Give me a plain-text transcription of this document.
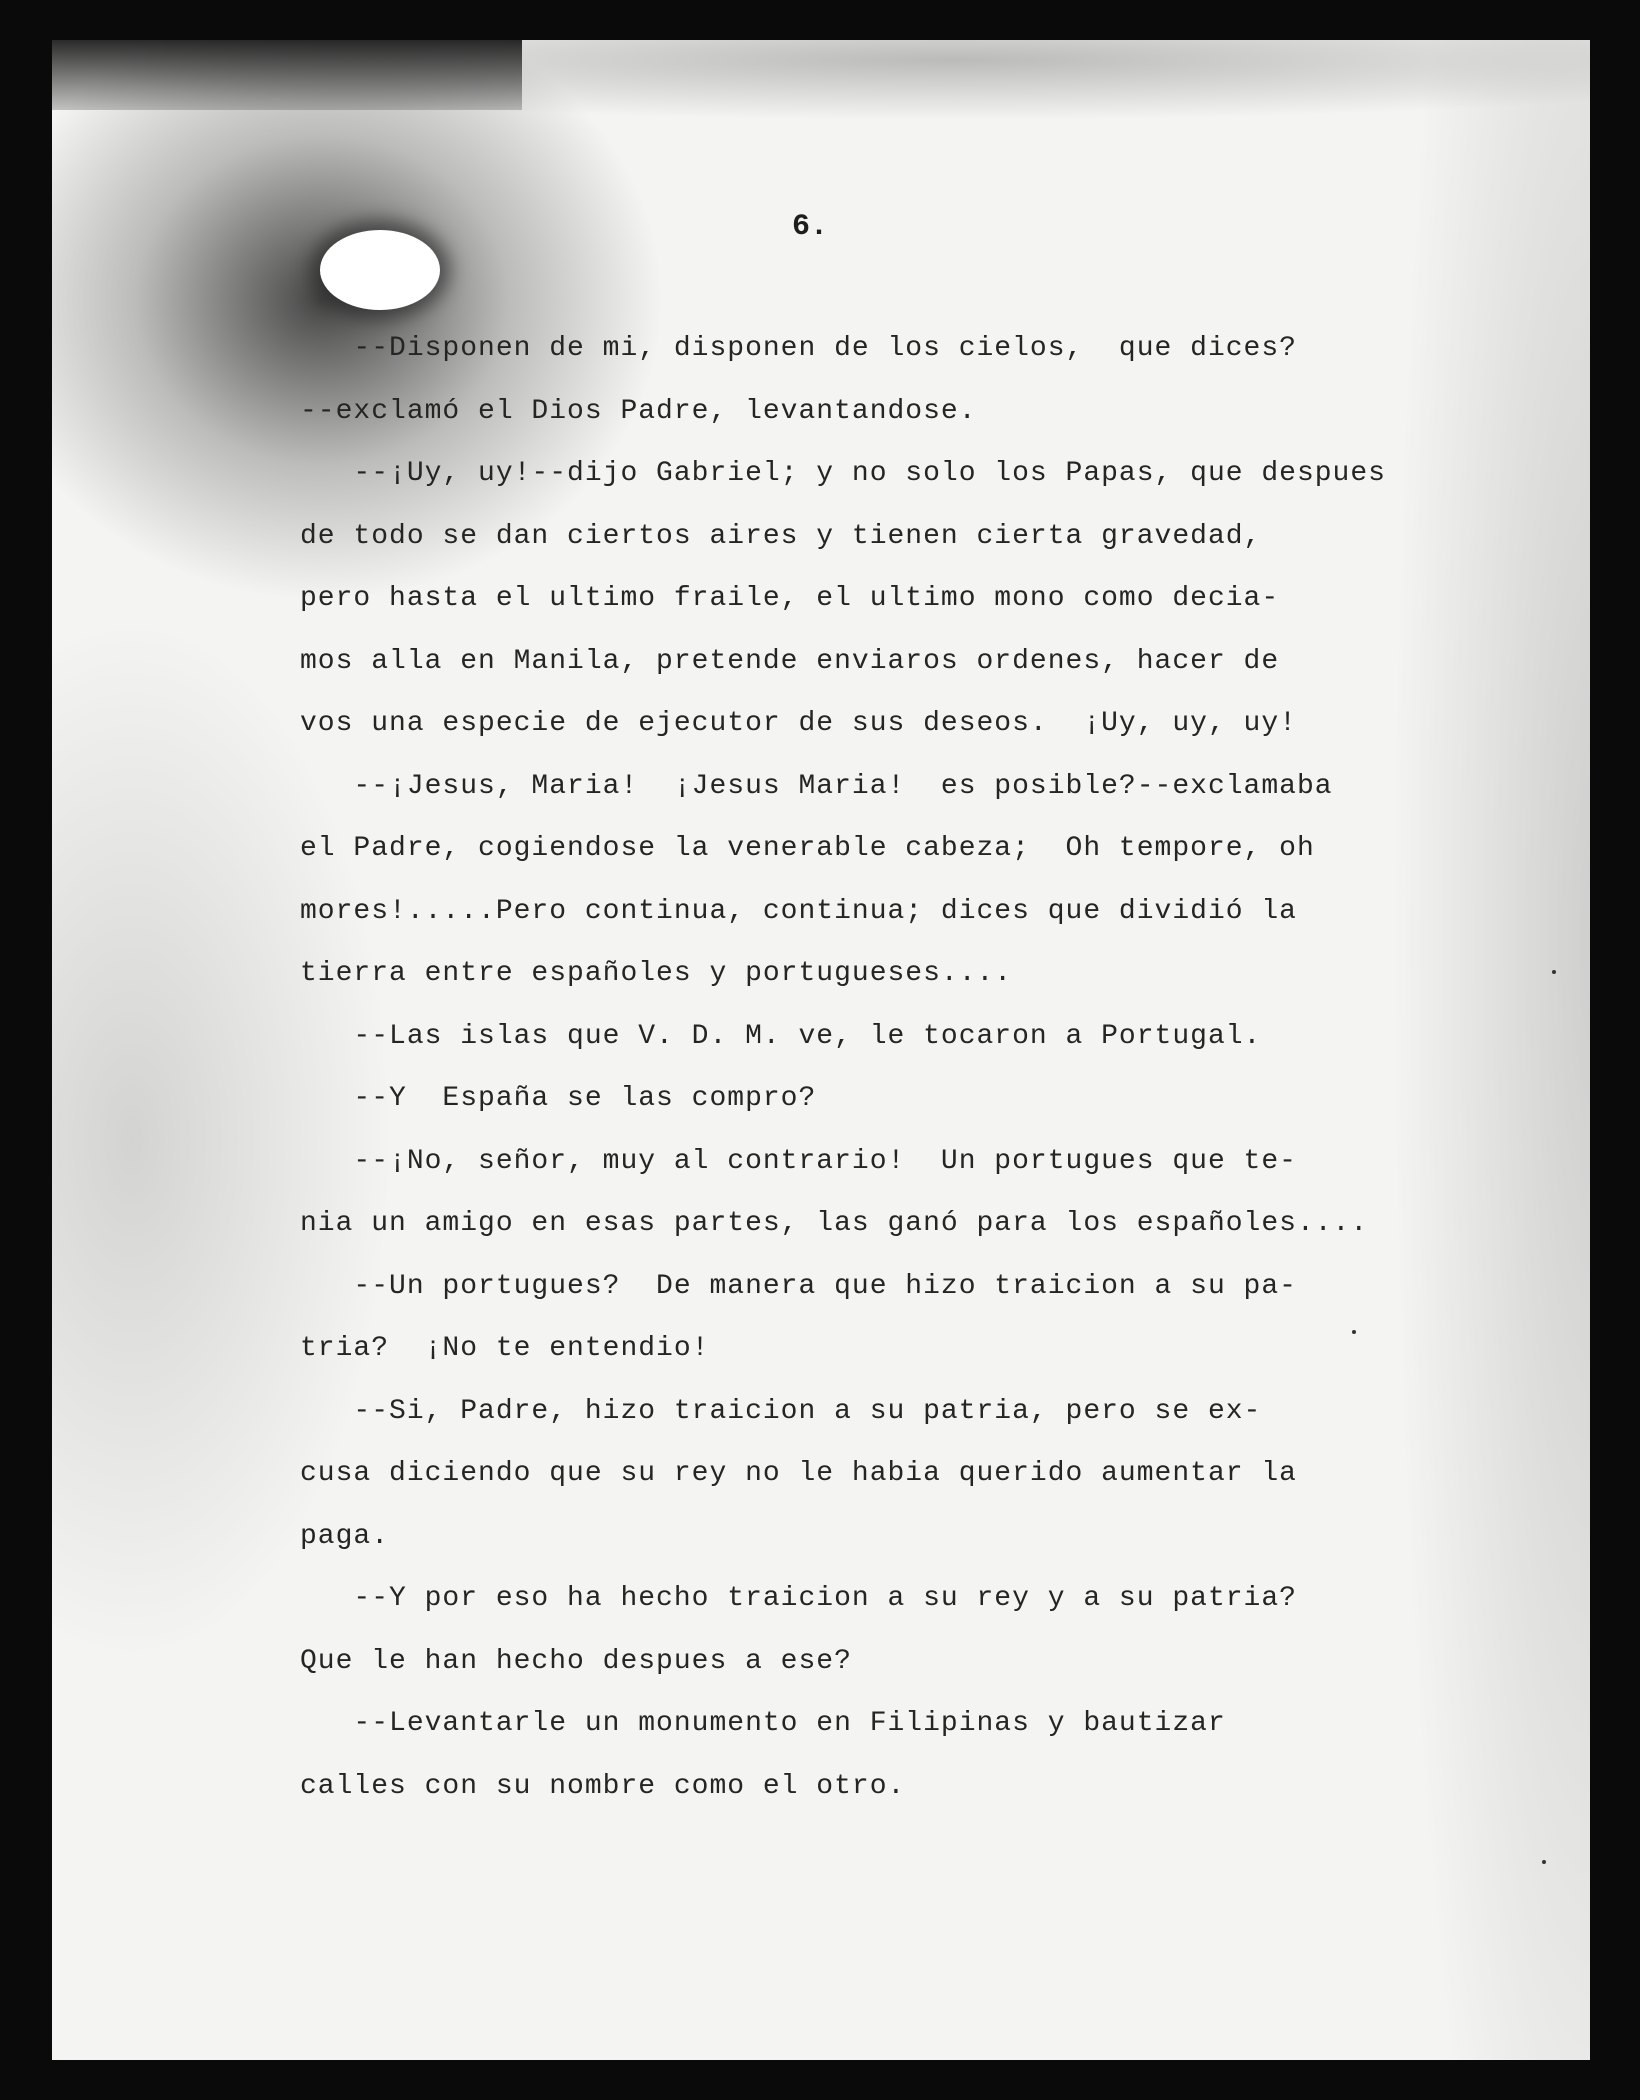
6.
--Disponen de mi, disponen de los cielos,  que dices?
--exclamó el Dios Padre, levantandose.
--¡Uy, uy!--dijo Gabriel; y no solo los Papas, que despues
de todo se dan ciertos aires y tienen cierta gravedad,
pero hasta el ultimo fraile, el ultimo mono como decia-
mos alla en Manila, pretende enviaros ordenes, hacer de
vos una especie de ejecutor de sus deseos.  ¡Uy, uy, uy!
--¡Jesus, Maria!  ¡Jesus Maria!  es posible?--exclamaba
el Padre, cogiendose la venerable cabeza;  Oh tempore, oh
mores!.....Pero continua, continua; dices que dividió la
tierra entre españoles y portugueses....
--Las islas que V. D. M. ve, le tocaron a Portugal.
--Y  España se las compro?
--¡No, señor, muy al contrario!  Un portugues que te-
nia un amigo en esas partes, las ganó para los españoles....
--Un portugues?  De manera que hizo traicion a su pa-
tria?  ¡No te entendio!
--Si, Padre, hizo traicion a su patria, pero se ex-
cusa diciendo que su rey no le habia querido aumentar la
paga.
--Y por eso ha hecho traicion a su rey y a su patria?
Que le han hecho despues a ese?
--Levantarle un monumento en Filipinas y bautizar
calles con su nombre como el otro.
